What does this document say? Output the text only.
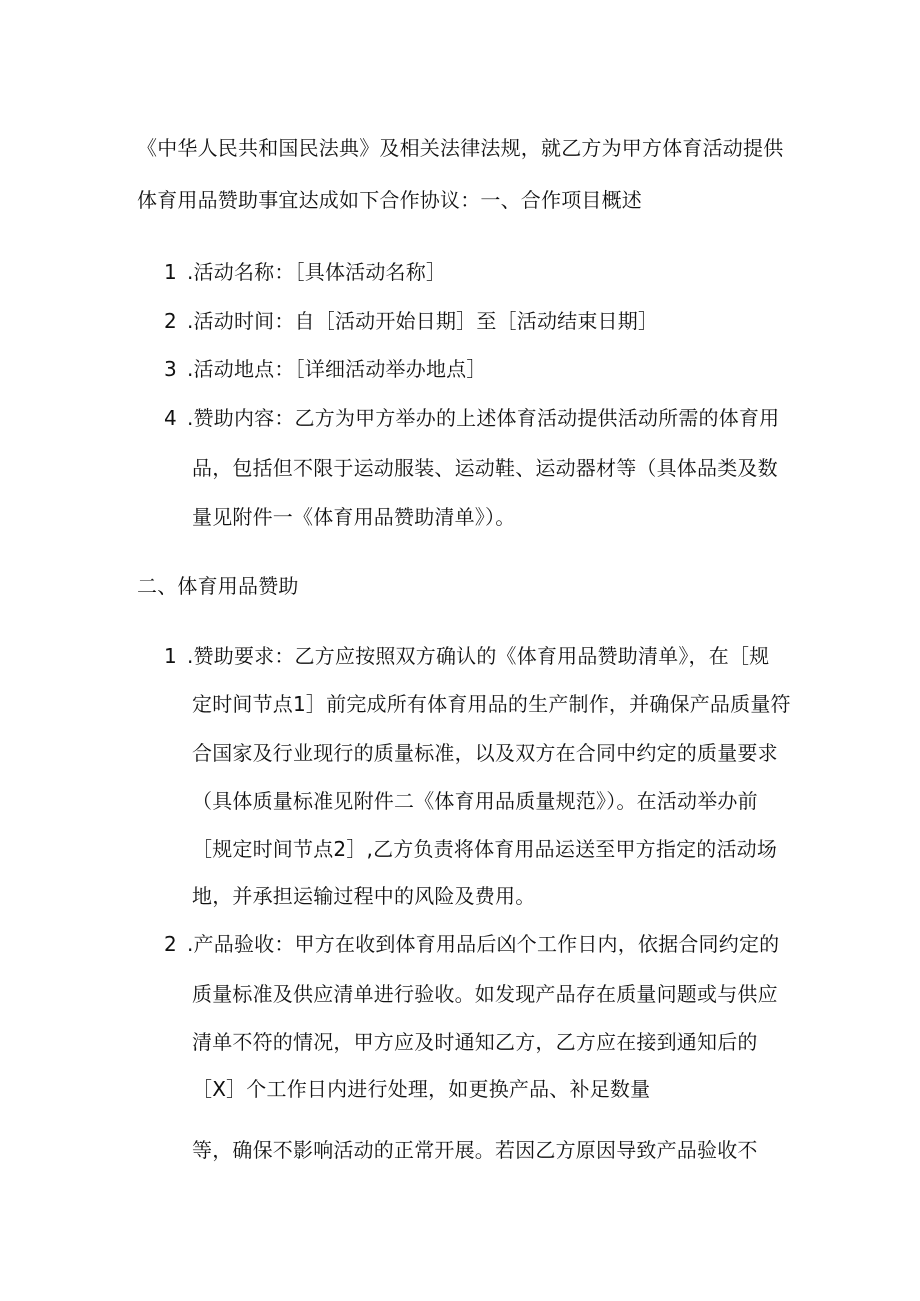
《中华人民共和国民法典》及相关法律法规，就乙方为甲方体育活动提供
体育用品赞助事宜达成如下合作协议：一、合作项目概述
1 .活动名称：［具体活动名称］
2 .活动时间：自［活动开始日期］至［活动结束日期］
3 .活动地点：［详细活动举办地点］
4 .赞助内容：乙方为甲方举办的上述体育活动提供活动所需的体育用
品，包括但不限于运动服装、运动鞋、运动器材等（具体品类及数
量见附件一《体育用品赞助清单》）。
二、体育用品赞助
1 .赞助要求：乙方应按照双方确认的《体育用品赞助清单》，在［规
定时间节点1］前完成所有体育用品的生产制作，并确保产品质量符
合国家及行业现行的质量标准，以及双方在合同中约定的质量要求
（具体质量标准见附件二《体育用品质量规范》）。在活动举办前
［规定时间节点2］,乙方负责将体育用品运送至甲方指定的活动场
地，并承担运输过程中的风险及费用。
2 .产品验收：甲方在收到体育用品后凶个工作日内，依据合同约定的
质量标准及供应清单进行验收。如发现产品存在质量问题或与供应
清单不符的情况，甲方应及时通知乙方，乙方应在接到通知后的
［X］个工作日内进行处理，如更换产品、补足数量
等，确保不影响活动的正常开展。若因乙方原因导致产品验收不
